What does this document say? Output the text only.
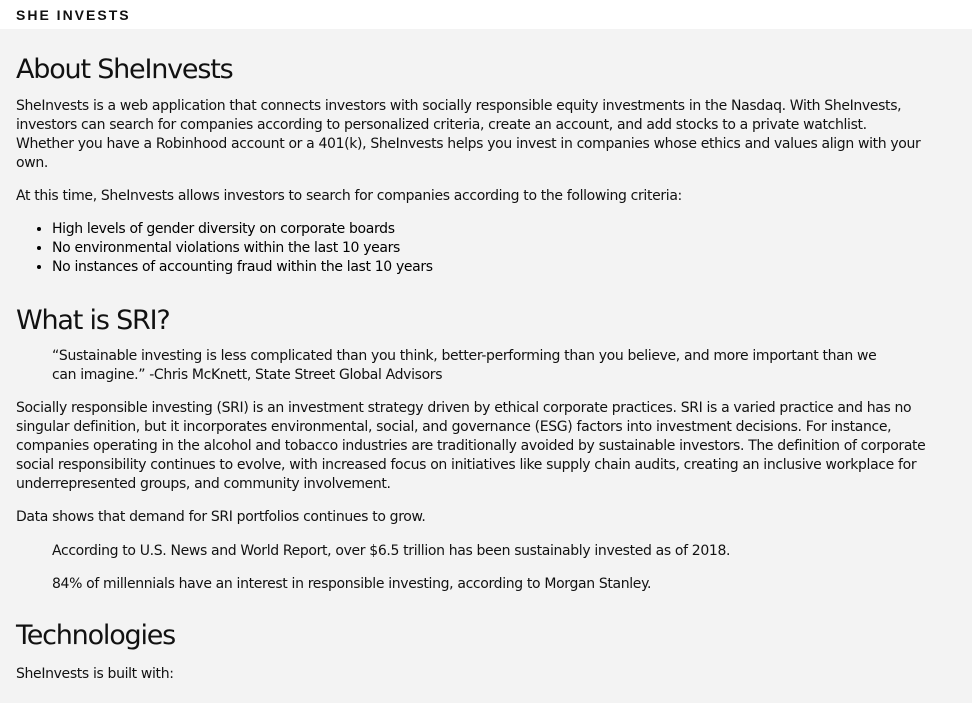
SHE INVESTS
About SheInvests

SheInvests is a web application that connects investors with socially responsible equity investments in the Nasdaq. With SheInvests, investors can search for companies according to personalized criteria, create an account, and add stocks to a private watchlist. Whether you have a Robinhood account or a 401(k), SheInvests helps you invest in companies whose ethics and values align with your own.

At this time, SheInvests allows investors to search for companies according to the following criteria:

• High levels of gender diversity on corporate boards
• No environmental violations within the last 10 years
• No instances of accounting fraud within the last 10 years
What is SRI?

“Sustainable investing is less complicated than you think, better-performing than you believe, and more important than we can imagine.” -Chris McKnett, State Street Global Advisors

Socially responsible investing (SRI) is an investment strategy driven by ethical corporate practices. SRI is a varied practice and has no singular definition, but it incorporates environmental, social, and governance (ESG) factors into investment decisions. For instance, companies operating in the alcohol and tobacco industries are traditionally avoided by sustainable investors. The definition of corporate social responsibility continues to evolve, with increased focus on initiatives like supply chain audits, creating an inclusive workplace for underrepresented groups, and community involvement.

Data shows that demand for SRI portfolios continues to grow.

According to U.S. News and World Report, over $6.5 trillion has been sustainably invested as of 2018.

84% of millennials have an interest in responsible investing, according to Morgan Stanley.

Technologies

SheInvests is built with:
